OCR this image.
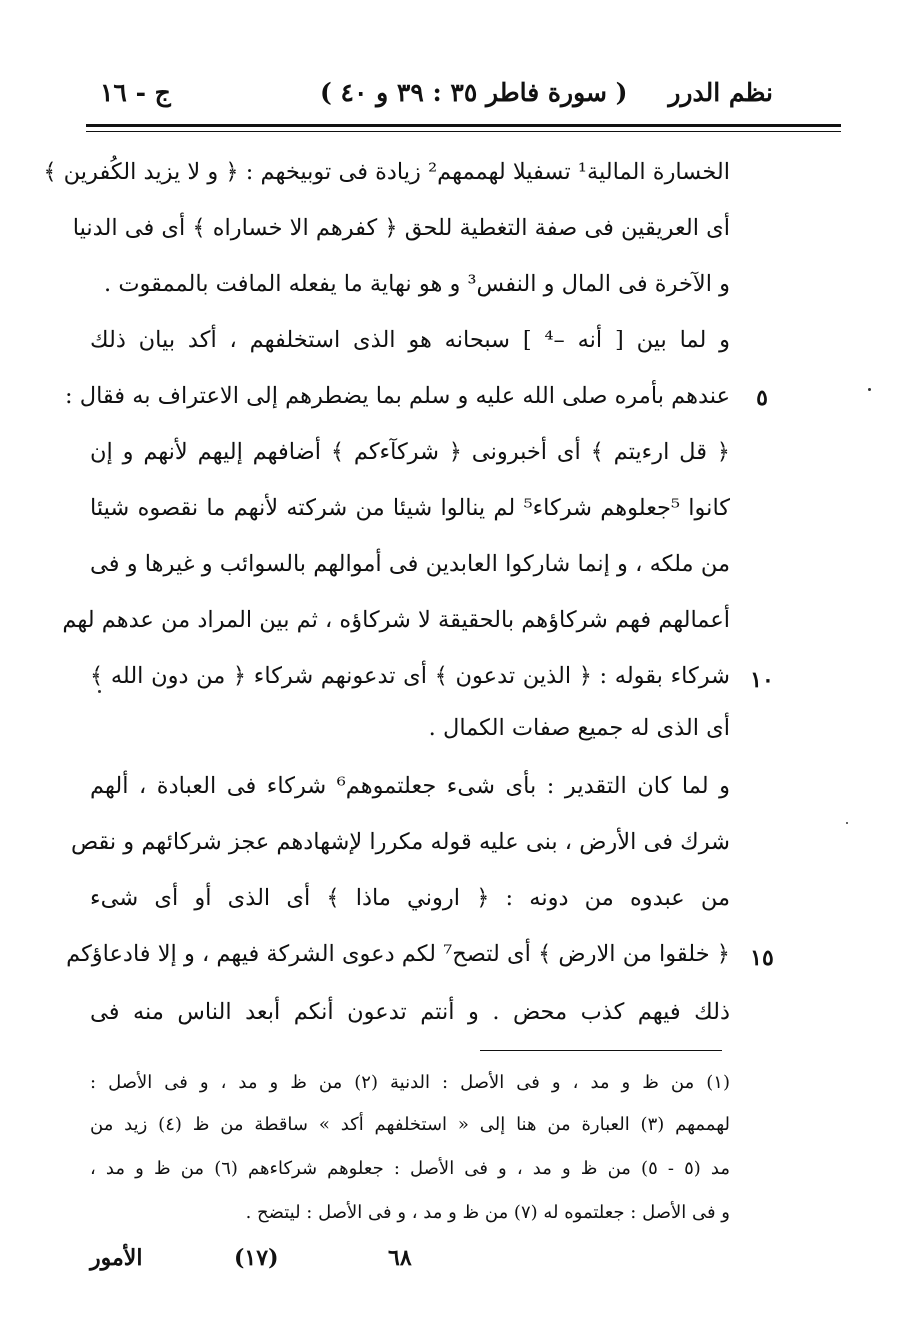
ج - ١٦	( سورة فاطر ٣٥ : ٣٩ و ٤٠ ) نظم الدرر
الخسارة المالية¹ تسفيلا لهممهم² زيادة فى توبيخهم : ﴿ و لا يزيد الكُفرين ﴾
أى العريقين فى صفة التغطية للحق ﴿ كفرهم الا خساراه ﴾ أى فى الدنيا
و الآخرة فى المال و النفس³ و هو نهاية ما يفعله المافت بالممقوت .
و لما بين [ أنه –⁴ ] سبحانه هو الذى استخلفهم ، أكد بيان ذلك
عندهم بأمره صلى الله عليه و سلم بما يضطرهم إلى الاعتراف به فقال :	٥
﴿ قل ارءيتم ﴾ أى أخبرونى ﴿ شركآءكم ﴾ أضافهم إليهم لأنهم و إن
كانوا ⁵جعلوهم شركاء⁵ لم ينالوا شيئا من شركته لأنهم ما نقصوه شيئا
من ملكه ، و إنما شاركوا العابدين فى أموالهم بالسوائب و غيرها و فى
أعمالهم فهم شركاؤهم بالحقيقة لا شركاؤه ، ثم بين المراد من عدهم لهم
شركاء بقوله : ﴿ الذين تدعون ﴾ أى تدعونهم شركاء ﴿ من دون الله ﴾ ١٠
أى الذى له جميع صفات الكمال .
و لما كان التقدير : بأى شىء جعلتموهم⁶ شركاء فى العبادة ، ألهم
شرك فى الأرض ، بنى عليه قوله مكررا لإشهادهم عجز شركائهم و نقص
من عبدوه من دونه : ﴿ اروني ماذا ﴾ أى الذى أو أى شىء
﴿ خلقوا من الارض ﴾ أى لتصح⁷ لكم دعوى الشركة فيهم ، و إلا فادعاؤكم ١٥
ذلك فيهم كذب محض . و أنتم تدعون أنكم أبعد الناس منه فى
(١) من ظ و مد ، و فى الأصل : الدنية (٢) من ظ و مد ، و فى الأصل :
لهممهم (٣) العبارة من هنا إلى « استخلفهم أكد » ساقطة من ظ (٤) زيد من
مد (٥ - ٥) من ظ و مد ، و فى الأصل : جعلوهم شركاءهم (٦) من ظ و مد ،
و فى الأصل : جعلتموه له (٧) من ظ و مد ، و فى الأصل : ليتضح .
الأمور	(١٧)	٦٨
